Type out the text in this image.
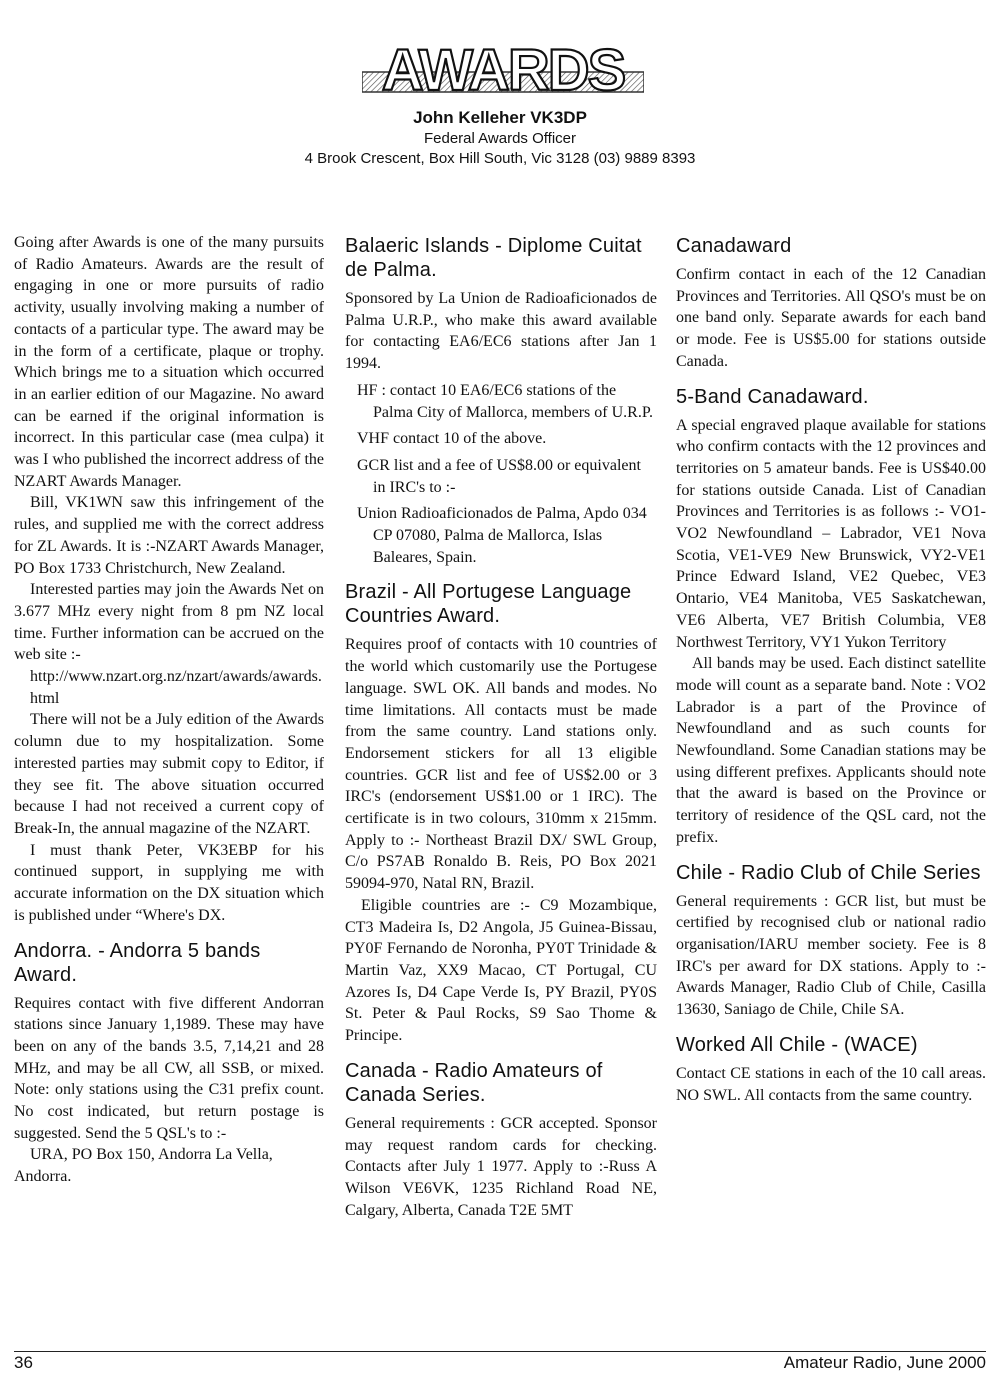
AWARDS
John Kelleher VK3DP
Federal Awards Officer
4 Brook Crescent, Box Hill South, Vic 3128 (03) 9889 8393

Going after Awards is one of the many pursuits of Radio Amateurs. Awards are the result of engaging in one or more pursuits of radio activity, usually involving making a number of contacts of a particular type. The award may be in the form of a certificate, plaque or trophy. Which brings me to a situation which occurred in an earlier edition of our Magazine. No award can be earned if the original information is incorrect. In this particular case (mea culpa) it was I who published the incorrect address of the NZART Awards Manager.

Bill, VK1WN saw this infringement of the rules, and supplied me with the correct address for ZL Awards. It is :-NZART Awards Manager, PO Box 1733 Christchurch, New Zealand.

Interested parties may join the Awards Net on 3.677 MHz every night from 8 pm NZ local time. Further information can be accrued on the web site :-

http://www.nzart.org.nz/nzart/awards/awards.html

There will not be a July edition of the Awards column due to my hospitalization. Some interested parties may submit copy to Editor, if they see fit. The above situation occurred because I had not received a current copy of Break-In, the annual magazine of the NZART.

I must thank Peter, VK3EBP for his continued support, in supplying me with accurate information on the DX situation which is published under “Where's DX.

Andorra. - Andorra 5 bands Award.

Requires contact with five different Andorran stations since January 1,1989. These may have been on any of the bands 3.5, 7,14,21 and 28 MHz, and may be all CW, all SSB, or mixed. Note: only stations using the C31 prefix count. No cost indicated, but return postage is suggested. Send the 5 QSL's to :-

URA, PO Box 150, Andorra La Vella, Andorra.

Balaeric Islands - Diplome Cuitat de Palma.

Sponsored by La Union de Radioaficionados de Palma U.R.P., who make this award available for contacting EA6/EC6 stations after Jan 1 1994.

HF : contact 10 EA6/EC6 stations of the Palma City of Mallorca, members of U.R.P.

VHF contact 10 of the above.

GCR list and a fee of US$8.00 or equivalent in IRC's to :-

Union Radioaficionados de Palma, Apdo 034 CP 07080, Palma de Mallorca, Islas Baleares, Spain.

Brazil - All Portugese Language Countries Award.

Requires proof of contacts with 10 countries of the world which customarily use the Portugese language. SWL OK. All bands and modes. No time limitations. All contacts must be made from the same country. Land stations only. Endorsement stickers for all 13 eligible countries. GCR list and fee of US$2.00 or 3 IRC's (endorsement US$1.00 or 1 IRC). The certificate is in two colours, 310mm x 215mm. Apply to :- Northeast Brazil DX/ SWL Group, C/o PS7AB Ronaldo B. Reis, PO Box 2021 59094-970, Natal RN, Brazil.

Eligible countries are :- C9 Mozambique, CT3 Madeira Is, D2 Angola, J5 Guinea-Bissau, PY0F Fernando de Noronha, PY0T Trinidade & Martin Vaz, XX9 Macao, CT Portugal, CU Azores Is, D4 Cape Verde Is, PY Brazil, PY0S St. Peter & Paul Rocks, S9 Sao Thome & Principe.

Canada - Radio Amateurs of Canada Series.

General requirements : GCR accepted. Sponsor may request random cards for checking. Contacts after July 1 1977. Apply to :-Russ A Wilson VE6VK, 1235 Richland Road NE, Calgary, Alberta, Canada T2E 5MT

Canadaward

Confirm contact in each of the 12 Canadian Provinces and Territories. All QSO's must be on one band only. Separate awards for each band or mode. Fee is US$5.00 for stations outside Canada.

5-Band Canadaward.

A special engraved plaque available for stations who confirm contacts with the 12 provinces and territories on 5 amateur bands. Fee is US$40.00 for stations outside Canada. List of Canadian Provinces and Territories is as follows :- VO1- VO2 Newfoundland – Labrador, VE1 Nova Scotia, VE1-VE9 New Brunswick, VY2-VE1 Prince Edward Island, VE2 Quebec, VE3 Ontario, VE4 Manitoba, VE5 Saskatchewan, VE6 Alberta, VE7 British Columbia, VE8 Northwest Territory, VY1 Yukon Territory

All bands may be used. Each distinct satellite mode will count as a separate band. Note : VO2 Labrador is a part of the Province of Newfoundland and as such counts for Newfoundland. Some Canadian stations may be using different prefixes. Applicants should note that the award is based on the Province or territory of residence of the QSL card, not the prefix.

Chile - Radio Club of Chile Series

General requirements : GCR list, but must be certified by recognised club or national radio organisation/IARU member society. Fee is 8 IRC's per award for DX stations. Apply to :-Awards Manager, Radio Club of Chile, Casilla 13630, Saniago de Chile, Chile SA.

Worked All Chile - (WACE)

Contact CE stations in each of the 10 call areas. NO SWL. All contacts from the same country.

36	Amateur Radio, June 2000
